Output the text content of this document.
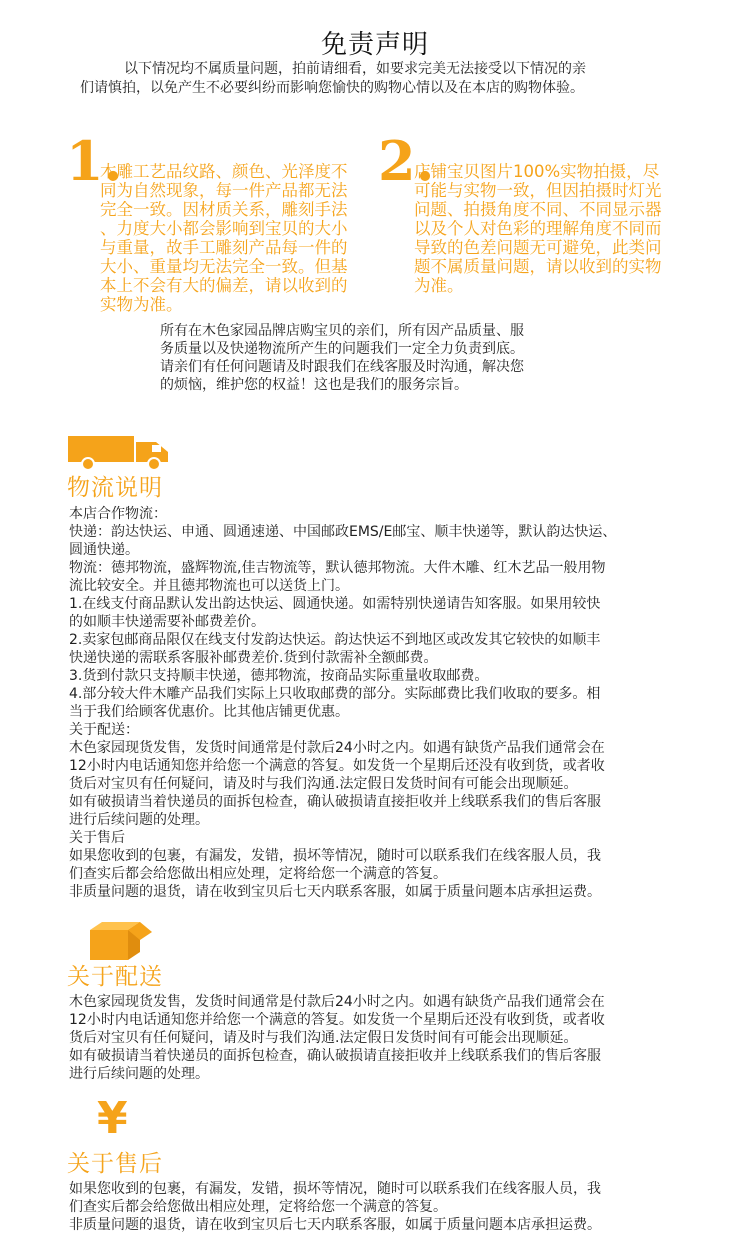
免责声明
以下情况均不属质量问题，拍前请细看，如要求完美无法接受以下情况的亲
们请慎拍，以免产生不必要纠纷而影响您愉快的购物心情以及在本店的购物体验。
1.
木雕工艺品纹路、颜色、光泽度不
同为自然现象，每一件产品都无法
完全一致。因材质关系，雕刻手法
、力度大小都会影响到宝贝的大小
与重量，故手工雕刻产品每一件的
大小、重量均无法完全一致。但基
本上不会有大的偏差，请以收到的
实物为准。
2.
店铺宝贝图片100%实物拍摄，尽
可能与实物一致，但因拍摄时灯光
问题、拍摄角度不同、不同显示器
以及个人对色彩的理解角度不同而
导致的色差问题无可避免，此类问
题不属质量问题，请以收到的实物
为准。
所有在木色家园品牌店购宝贝的亲们，所有因产品质量、服
务质量以及快递物流所产生的问题我们一定全力负责到底。
请亲们有任何问题请及时跟我们在线客服及时沟通，解决您
的烦恼，维护您的权益！这也是我们的服务宗旨。
物流说明
本店合作物流：
快递：韵达快运、申通、圆通速递、中国邮政EMS/E邮宝、顺丰快递等，默认韵达快运、
圆通快递。
物流：德邦物流，盛辉物流,佳吉物流等，默认德邦物流。大件木雕、红木艺品一般用物
流比较安全。并且德邦物流也可以送货上门。
1.在线支付商品默认发出韵达快运、圆通快递。如需特别快递请告知客服。如果用较快
的如顺丰快递需要补邮费差价。
2.卖家包邮商品限仅在线支付发韵达快运。韵达快运不到地区或改发其它较快的如顺丰
快递快递的需联系客服补邮费差价.货到付款需补全额邮费。
3.货到付款只支持顺丰快递，德邦物流，按商品实际重量收取邮费。
4.部分较大件木雕产品我们实际上只收取邮费的部分。实际邮费比我们收取的要多。相
当于我们给顾客优惠价。比其他店铺更优惠。
关于配送：
木色家园现货发售，发货时间通常是付款后24小时之内。如遇有缺货产品我们通常会在
12小时内电话通知您并给您一个满意的答复。如发货一个星期后还没有收到货，或者收
货后对宝贝有任何疑问，请及时与我们沟通.法定假日发货时间有可能会出现顺延。
如有破损请当着快递员的面拆包检查，确认破损请直接拒收并上线联系我们的售后客服
进行后续问题的处理。
关于售后
如果您收到的包裹，有漏发，发错，损坏等情况，随时可以联系我们在线客服人员，我
们查实后都会给您做出相应处理，定将给您一个满意的答复。
非质量问题的退货，请在收到宝贝后七天内联系客服，如属于质量问题本店承担运费。
关于配送
木色家园现货发售，发货时间通常是付款后24小时之内。如遇有缺货产品我们通常会在
12小时内电话通知您并给您一个满意的答复。如发货一个星期后还没有收到货，或者收
货后对宝贝有任何疑问，请及时与我们沟通.法定假日发货时间有可能会出现顺延。
如有破损请当着快递员的面拆包检查，确认破损请直接拒收并上线联系我们的售后客服
进行后续问题的处理。
¥
关于售后
如果您收到的包裹，有漏发，发错，损坏等情况，随时可以联系我们在线客服人员，我
们查实后都会给您做出相应处理，定将给您一个满意的答复。
非质量问题的退货，请在收到宝贝后七天内联系客服，如属于质量问题本店承担运费。
